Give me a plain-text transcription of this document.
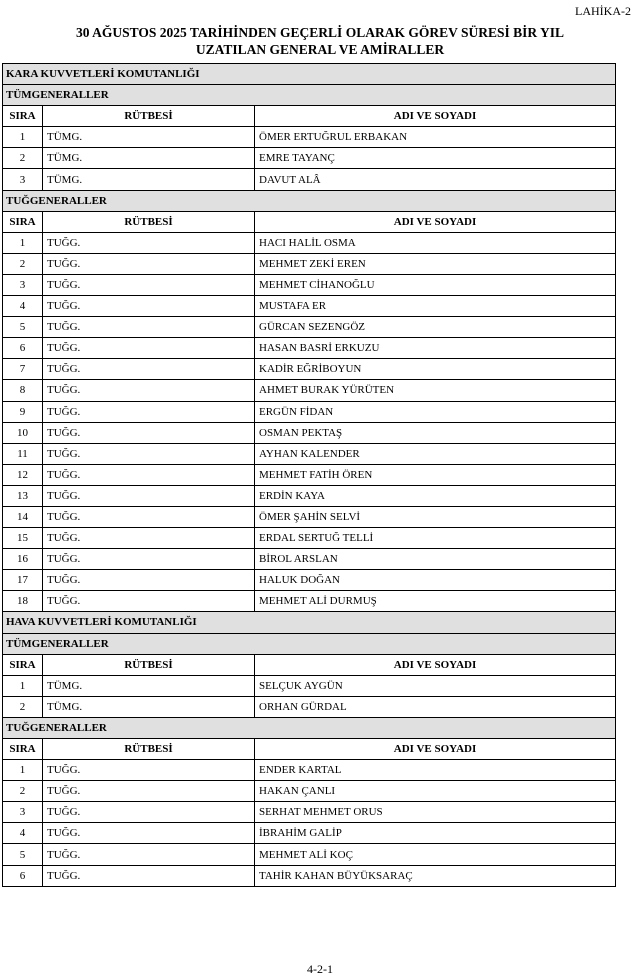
LAHİKA-2
30 AĞUSTOS 2025 TARİHİNDEN GEÇERLİ OLARAK GÖREV SÜRESİ BİR YIL
UZATILAN GENERAL VE AMİRALLER
KARA KUVVETLERİ KOMUTANLIĞI		
TÜMGENERALLER		
SIRA	RÜTBESİ	ADI VE SOYADI
1	TÜMG.	ÖMER ERTUĞRUL ERBAKAN
2	TÜMG.	EMRE TAYANÇ
3	TÜMG.	DAVUT ALÂ
TUĞGENERALLER		
SIRA	RÜTBESİ	ADI VE SOYADI
1	TUĞG.	HACI HALİL OSMA
2	TUĞG.	MEHMET ZEKİ EREN
3	TUĞG.	MEHMET CİHANOĞLU
4	TUĞG.	MUSTAFA ER
5	TUĞG.	GÜRCAN SEZENGÖZ
6	TUĞG.	HASAN BASRİ ERKUZU
7	TUĞG.	KADİR EĞRİBOYUN
8	TUĞG.	AHMET BURAK YÜRÜTEN
9	TUĞG.	ERGÜN FİDAN
10	TUĞG.	OSMAN PEKTAŞ
11	TUĞG.	AYHAN KALENDER
12	TUĞG.	MEHMET FATİH ÖREN
13	TUĞG.	ERDİN KAYA
14	TUĞG.	ÖMER ŞAHİN SELVİ
15	TUĞG.	ERDAL SERTUĞ TELLİ
16	TUĞG.	BİROL ARSLAN
17	TUĞG.	HALUK DOĞAN
18	TUĞG.	MEHMET ALİ DURMUŞ
HAVA KUVVETLERİ KOMUTANLIĞI		
TÜMGENERALLER		
SIRA	RÜTBESİ	ADI VE SOYADI
1	TÜMG.	SELÇUK AYGÜN
2	TÜMG.	ORHAN GÜRDAL
TUĞGENERALLER		
SIRA	RÜTBESİ	ADI VE SOYADI
1	TUĞG.	ENDER KARTAL
2	TUĞG.	HAKAN ÇANLI
3	TUĞG.	SERHAT MEHMET ORUS
4	TUĞG.	İBRAHİM GALİP
5	TUĞG.	MEHMET ALİ KOÇ
6	TUĞG.	TAHİR KAHAN BÜYÜKSARAÇ
4-2-1
